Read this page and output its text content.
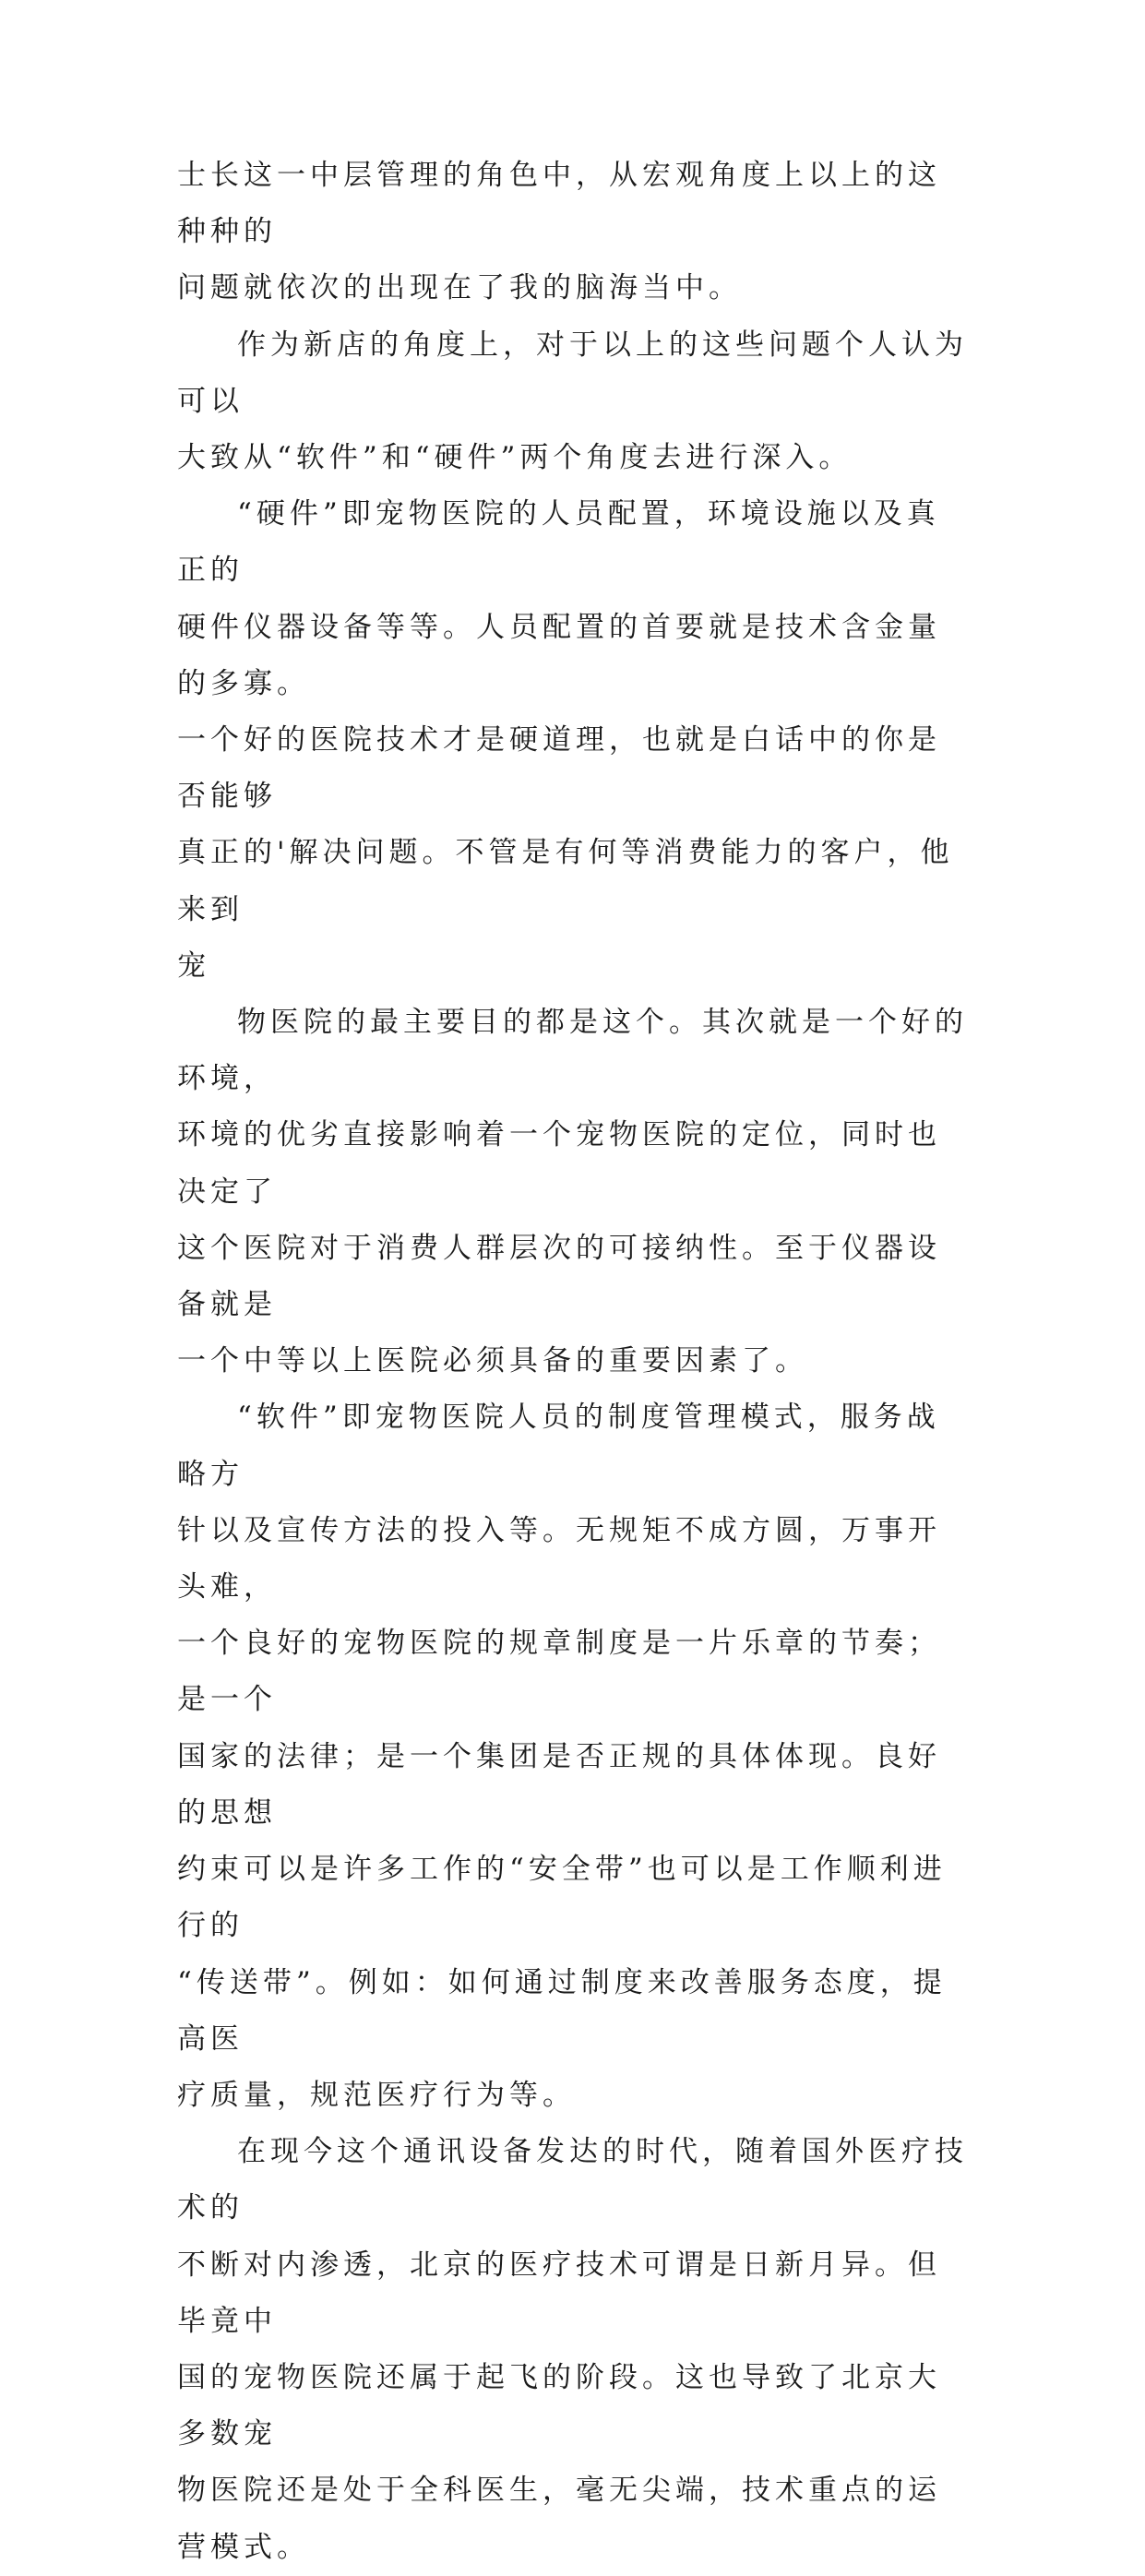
士长这一中层管理的角色中，从宏观角度上以上的这种种的
问题就依次的出现在了我的脑海当中。

作为新店的角度上，对于以上的这些问题个人认为可以
大致从“软件”和“硬件”两个角度去进行深入。

“硬件”即宠物医院的人员配置，环境设施以及真正的
硬件仪器设备等等。人员配置的首要就是技术含金量的多寡。
一个好的医院技术才是硬道理，也就是白话中的你是否能够
真正的'解决问题。不管是有何等消费能力的客户，他来到
宠

物医院的最主要目的都是这个。其次就是一个好的环境，
环境的优劣直接影响着一个宠物医院的定位，同时也决定了
这个医院对于消费人群层次的可接纳性。至于仪器设备就是
一个中等以上医院必须具备的重要因素了。

“软件”即宠物医院人员的制度管理模式，服务战略方
针以及宣传方法的投入等。无规矩不成方圆，万事开头难，
一个良好的宠物医院的规章制度是一片乐章的节奏；是一个
国家的法律；是一个集团是否正规的具体体现。良好的思想
约束可以是许多工作的“安全带”也可以是工作顺利进行的
“传送带”。例如：如何通过制度来改善服务态度，提高医
疗质量，规范医疗行为等。

在现今这个通讯设备发达的时代，随着国外医疗技术的
不断对内渗透，北京的医疗技术可谓是日新月异。但毕竟中
国的宠物医院还属于起飞的阶段。这也导致了北京大多数宠
物医院还是处于全科医生，毫无尖端，技术重点的运营模式。
